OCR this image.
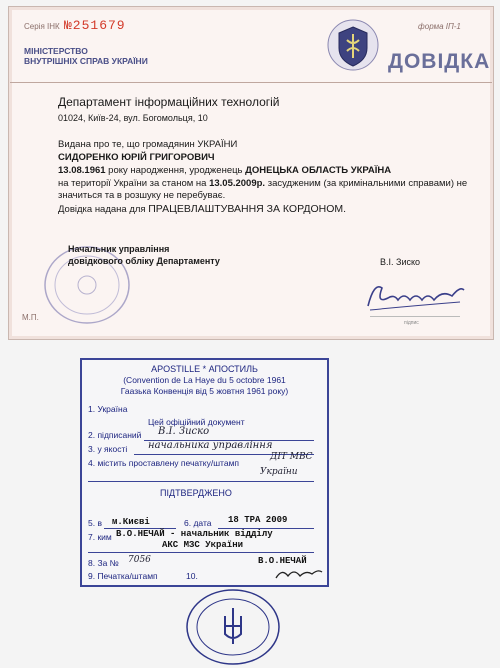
Серія ІНК №251679	форма ІП-1
МІНІСТЕРСТВО
ВНУТРІШНІХ СПРАВ УКРАЇНИ	ДОВІДКА
Департамент інформаційних технологій
01024, Київ-24, вул. Богомольця, 10
Видана про те, що громадянин УКРАЇНИ
СИДОРЕНКО ЮРІЙ ГРИГОРОВИЧ
13.08.1961 року народження, уродженець ДОНЕЦЬКА ОБЛАСТЬ УКРАЇНА
на території України за станом на 13.05.2009р. засудженим (за кримінальними справами) не значиться та в розшуку не перебуває.
Довідка надана для ПРАЦЕВЛАШТУВАННЯ ЗА КОРДОНОМ.
Начальник управління
довідкового обліку Департаменту	В.І. Зиско
підпис
М.П.
APOSTILLE * АПОСТИЛЬ
(Convention de La Haye du 5 octobre 1961
Гаазька Конвенція від 5 жовтня 1961 року)
1. Україна
Цей офіційний документ
2. підписаний В.І. Зиско
3. у якості начальника управління
4. містить проставлену печатку/штамп
ДІТ МВС
України
ПІДТВЕРДЖЕНО
5. в м.Києві	6. дата 18 ТРА 2009
7. ким В.О.НЕЧАЙ - начальник відділу
АКС МЗС України
8. За № 7056	В.О.НЕЧАЙ
9. Печатка/штамп	10.
